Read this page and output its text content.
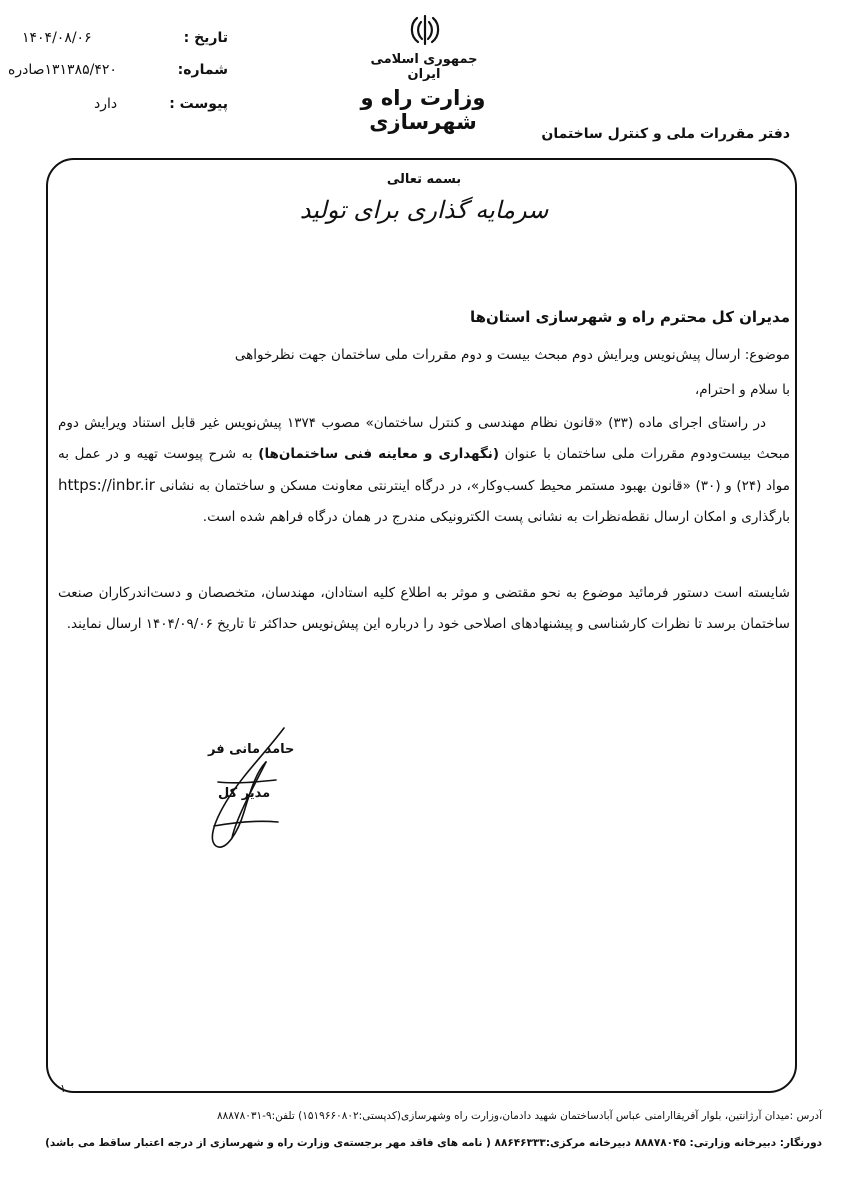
جمهوری اسلامی ایران
وزارت راه و شهرسازی	دفتر مقررات ملی و کنترل ساختمان
تاریخ :
۱۴۰۴/۰۸/۰۶
شماره:
۱۳۱۳۸۵/۴۲۰صادره
پیوست :
دارد
بسمه تعالی
سرمایه گذاری برای تولید
مدیران کل محترم راه و شهرسازی استان‌ها
موضوع: ارسال پیش‌نویس ویرایش دوم مبحث بیست و دوم مقررات ملی ساختمان جهت نظرخواهی
با سلام و احترام،
در راستای اجرای ماده (۳۳) «قانون نظام مهندسی و کنترل ساختمان» مصوب ۱۳۷۴ پیش‌نویس غیر قابل استناد ویرایش دوم مبحث بیست‌ودوم مقررات ملی ساختمان با عنوان (نگهداری و معاینه فنی ساختمان‌ها) به شرح پیوست تهیه و در عمل به مواد (۲۴) و (۳۰) «قانون بهبود مستمر محیط کسب‌وکار»، در درگاه اینترنتی معاونت مسکن و ساختمان به نشانی https://inbr.ir بارگذاری و امکان ارسال نقطه‌نظرات به نشانی پست الکترونیکی مندرج در همان درگاه فراهم شده است.
شایسته است دستور فرمائید موضوع به نحو مقتضی و موثر به اطلاع کلیه استادان، مهندسان، متخصصان و دست‌اندرکاران صنعت ساختمان برسد تا نظرات کارشناسی و پیشنهادهای اصلاحی خود را درباره این پیش‌نویس حداکثر تا تاریخ ۱۴۰۴/۰۹/۰۶ ارسال نمایند.
حامد مانی فر
مدیر کل
۱
آدرس :میدان آرژانتین، بلوار آفریقاارامنی عباس آبادساختمان شهید دادمان،وزارت راه وشهرسازی(کدپستی:۱۵۱۹۶۶۰۸۰۲) تلفن:۹-۸۸۸۷۸۰۳۱
دورنگار: دبیرخانه وزارتی: ۸۸۸۷۸۰۴۵ دبیرخانه مرکزی:۸۸۶۴۶۳۳۳ ( نامه های فاقد مهر برجسته‌ی وزارت راه و شهرسازی از درجه اعتبار ساقط می باشد)
